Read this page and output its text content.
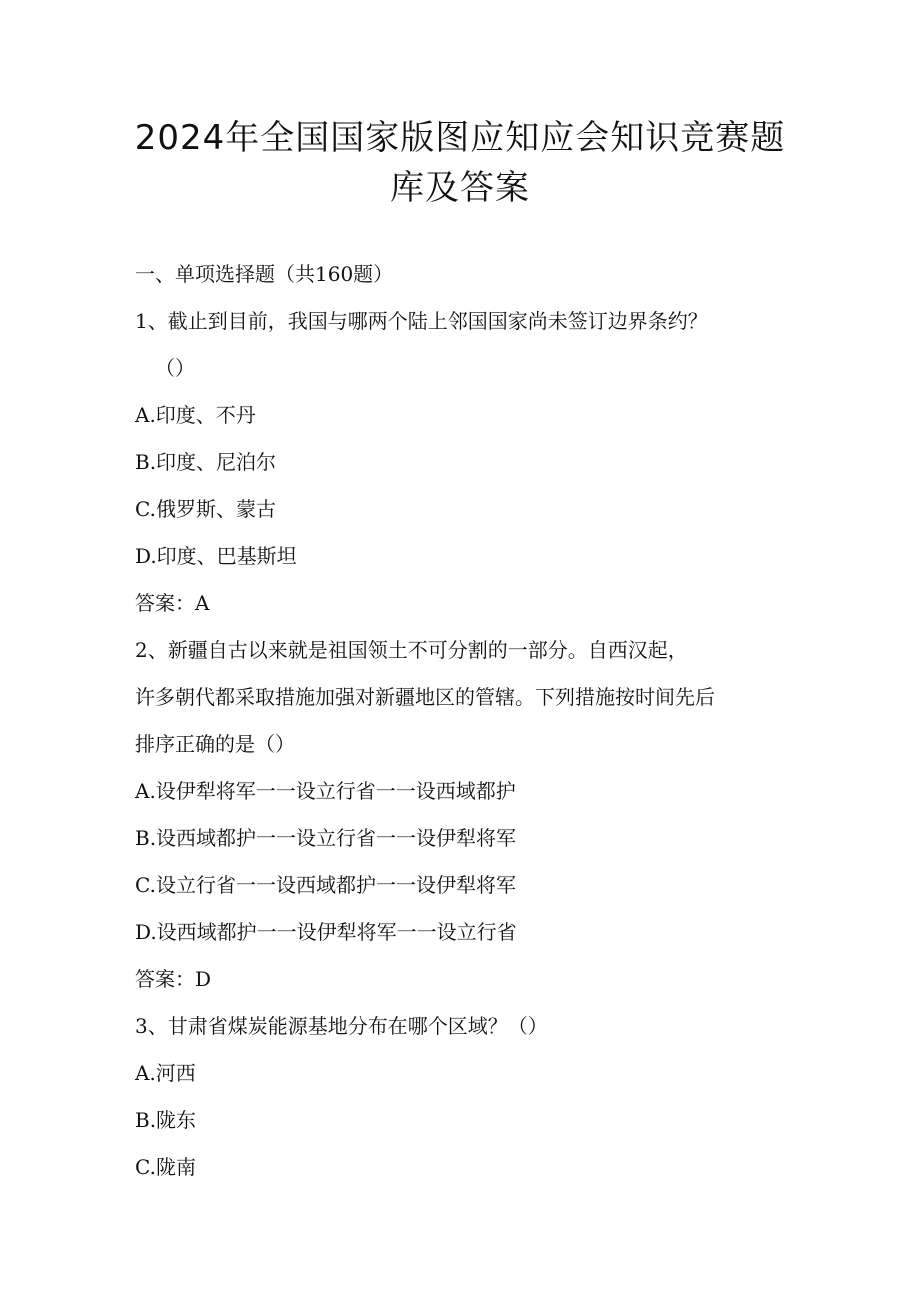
2024年全国国家版图应知应会知识竞赛题
库及答案
一、单项选择题（共160题）
1、截止到目前，我国与哪两个陆上邻国国家尚未签订边界条约？
（）
A.印度、不丹
B.印度、尼泊尔
C.俄罗斯、蒙古
D.印度、巴基斯坦
答案：A
2、新疆自古以来就是祖国领土不可分割的一部分。自西汉起，
许多朝代都采取措施加强对新疆地区的管辖。下列措施按时间先后
排序正确的是（）
A.设伊犁将军一一设立行省一一设西域都护
B.设西域都护一一设立行省一一设伊犁将军
C.设立行省一一设西域都护一一设伊犁将军
D.设西域都护一一设伊犁将军一一设立行省
答案：D
3、甘肃省煤炭能源基地分布在哪个区域？（）
A.河西
B.陇东
C.陇南
